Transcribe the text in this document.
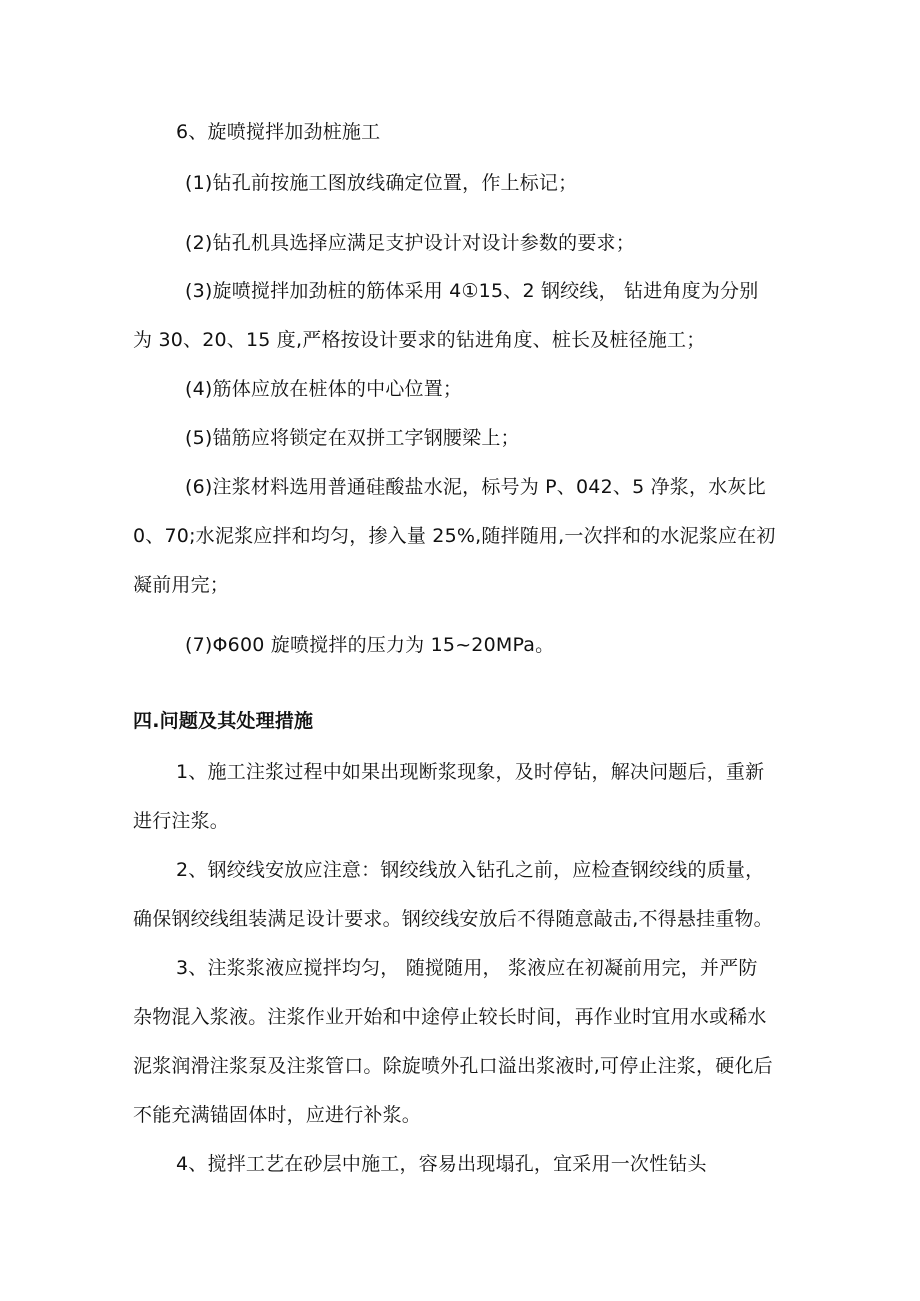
6、旋喷搅拌加劲桩施工
(1)钻孔前按施工图放线确定位置，作上标记；
(2)钻孔机具选择应满足支护设计对设计参数的要求；
(3)旋喷搅拌加劲桩的筋体采用 4①15、2 钢绞线， 钻进角度为分别
为 30、20、15 度,严格按设计要求的钻进角度、桩长及桩径施工；
(4)筋体应放在桩体的中心位置；
(5)锚筋应将锁定在双拼工字钢腰梁上；
(6)注浆材料选用普通硅酸盐水泥，标号为 P、042、5 净浆，水灰比
0、70;水泥浆应拌和均匀，掺入量 25%,随拌随用,一次拌和的水泥浆应在初
凝前用完；
(7)Φ600 旋喷搅拌的压力为 15~20MPa。
四.问题及其处理措施
1、施工注浆过程中如果出现断浆现象，及时停钻，解决问题后，重新
进行注浆。
2、钢绞线安放应注意：钢绞线放入钻孔之前，应检查钢绞线的质量，
确保钢绞线组装满足设计要求。钢绞线安放后不得随意敲击,不得悬挂重物。
3、注浆浆液应搅拌均匀， 随搅随用， 浆液应在初凝前用完，并严防
杂物混入浆液。注浆作业开始和中途停止较长时间，再作业时宜用水或稀水
泥浆润滑注浆泵及注浆管口。除旋喷外孔口溢出浆液时,可停止注浆，硬化后
不能充满锚固体时，应进行补浆。
4、搅拌工艺在砂层中施工，容易出现塌孔，宜采用一次性钻头
